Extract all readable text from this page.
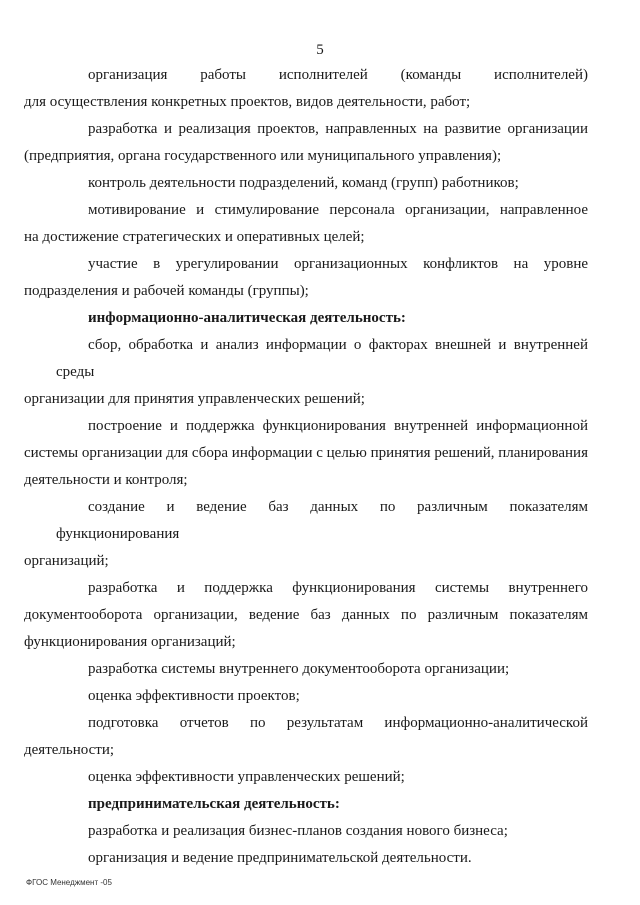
5

организация работы исполнителей (команды исполнителей)
для осуществления конкретных проектов, видов деятельности, работ;

разработка и реализация проектов, направленных на развитие организации
(предприятия, органа государственного или муниципального управления);

контроль деятельности подразделений, команд (групп) работников;

мотивирование и стимулирование персонала организации, направленное
на достижение стратегических и оперативных целей;

участие в урегулировании организационных конфликтов на уровне
подразделения и рабочей команды (группы);

информационно-аналитическая деятельность:

сбор, обработка и анализ информации о факторах внешней и внутренней среды
организации для принятия управленческих решений;

построение и поддержка функционирования внутренней информационной
системы организации для сбора информации с целью принятия решений, планирования
деятельности и контроля;

создание и ведение баз данных по различным показателям функционирования
организаций;

разработка и поддержка функционирования системы внутреннего
документооборота организации, ведение баз данных по различным показателям
функционирования организаций;

разработка системы внутреннего документооборота организации;

оценка эффективности проектов;

подготовка отчетов по результатам информационно-аналитической
деятельности;

оценка эффективности управленческих решений;

предпринимательская деятельность:

разработка и реализация бизнес-планов создания нового бизнеса;

организация и ведение предпринимательской деятельности.

ФГОС Менеджмент -05
